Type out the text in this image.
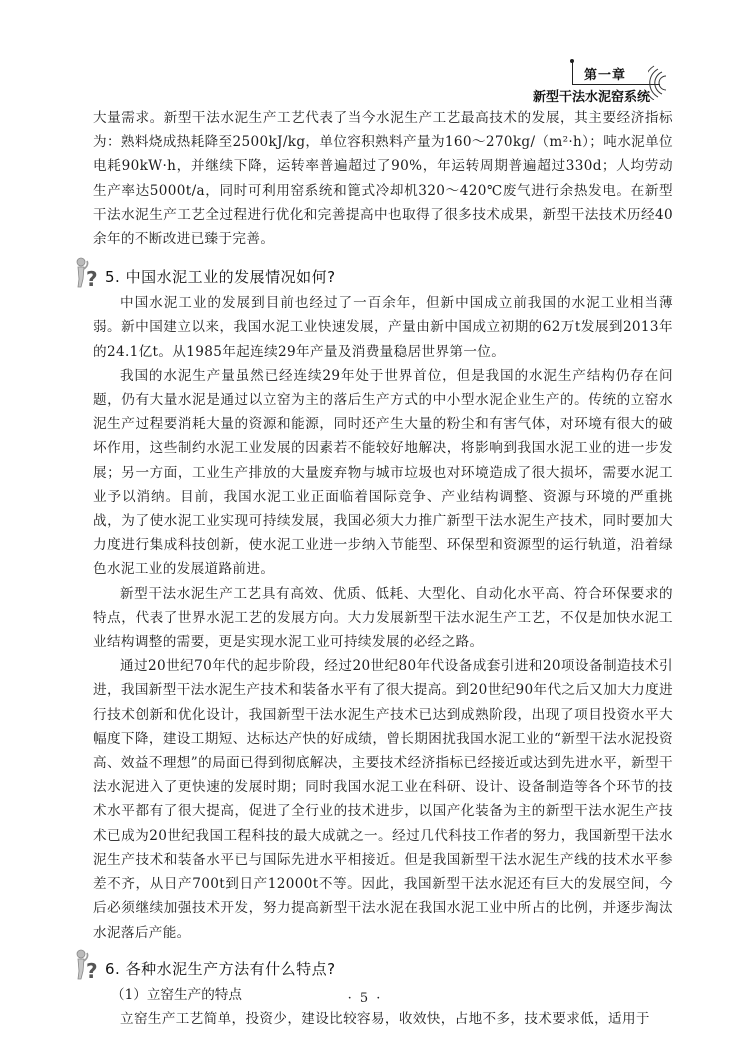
第一章
新型干法水泥窑系统

大量需求。新型干法水泥生产工艺代表了当今水泥生产工艺最高技术的发展，其主要经济指标为：熟料烧成热耗降至2500kJ/kg，单位容积熟料产量为160～270kg/（m²·h）；吨水泥单位电耗90kW·h，并继续下降，运转率普遍超过了90%，年运转周期普遍超过330d；人均劳动生产率达5000t/a，同时可利用窑系统和篦式冷却机320～420℃废气进行余热发电。在新型干法水泥生产工艺全过程进行优化和完善提高中也取得了很多技术成果，新型干法技术历经40余年的不断改进已臻于完善。

? 5. 中国水泥工业的发展情况如何?

中国水泥工业的发展到目前也经过了一百余年，但新中国成立前我国的水泥工业相当薄弱。新中国建立以来，我国水泥工业快速发展，产量由新中国成立初期的62万t发展到2013年的24.1亿t。从1985年起连续29年产量及消费量稳居世界第一位。

我国的水泥生产量虽然已经连续29年处于世界首位，但是我国的水泥生产结构仍存在问题，仍有大量水泥是通过以立窑为主的落后生产方式的中小型水泥企业生产的。传统的立窑水泥生产过程要消耗大量的资源和能源，同时还产生大量的粉尘和有害气体，对环境有很大的破坏作用，这些制约水泥工业发展的因素若不能较好地解决，将影响到我国水泥工业的进一步发展；另一方面，工业生产排放的大量废弃物与城市垃圾也对环境造成了很大损坏，需要水泥工业予以消纳。目前，我国水泥工业正面临着国际竞争、产业结构调整、资源与环境的严重挑战，为了使水泥工业实现可持续发展，我国必须大力推广新型干法水泥生产技术，同时要加大力度进行集成科技创新，使水泥工业进一步纳入节能型、环保型和资源型的运行轨道，沿着绿色水泥工业的发展道路前进。

新型干法水泥生产工艺具有高效、优质、低耗、大型化、自动化水平高、符合环保要求的特点，代表了世界水泥工艺的发展方向。大力发展新型干法水泥生产工艺，不仅是加快水泥工业结构调整的需要，更是实现水泥工业可持续发展的必经之路。

通过20世纪70年代的起步阶段，经过20世纪80年代设备成套引进和20项设备制造技术引进，我国新型干法水泥生产技术和装备水平有了很大提高。到20世纪90年代之后又加大力度进行技术创新和优化设计，我国新型干法水泥生产技术已达到成熟阶段，出现了项目投资水平大幅度下降，建设工期短、达标达产快的好成绩，曾长期困扰我国水泥工业的“新型干法水泥投资高、效益不理想”的局面已得到彻底解决，主要技术经济指标已经接近或达到先进水平，新型干法水泥进入了更快速的发展时期；同时我国水泥工业在科研、设计、设备制造等各个环节的技术水平都有了很大提高，促进了全行业的技术进步，以国产化装备为主的新型干法水泥生产技术已成为20世纪我国工程科技的最大成就之一。经过几代科技工作者的努力，我国新型干法水泥生产技术和装备水平已与国际先进水平相接近。但是我国新型干法水泥生产线的技术水平参差不齐，从日产700t到日产12000t不等。因此，我国新型干法水泥还有巨大的发展空间，今后必须继续加强技术开发，努力提高新型干法水泥在我国水泥工业中所占的比例，并逐步淘汰水泥落后产能。

? 6. 各种水泥生产方法有什么特点?

（1）立窑生产的特点

立窑生产工艺简单，投资少，建设比较容易，收效快，占地不多，技术要求低，适用于

· 5 ·
